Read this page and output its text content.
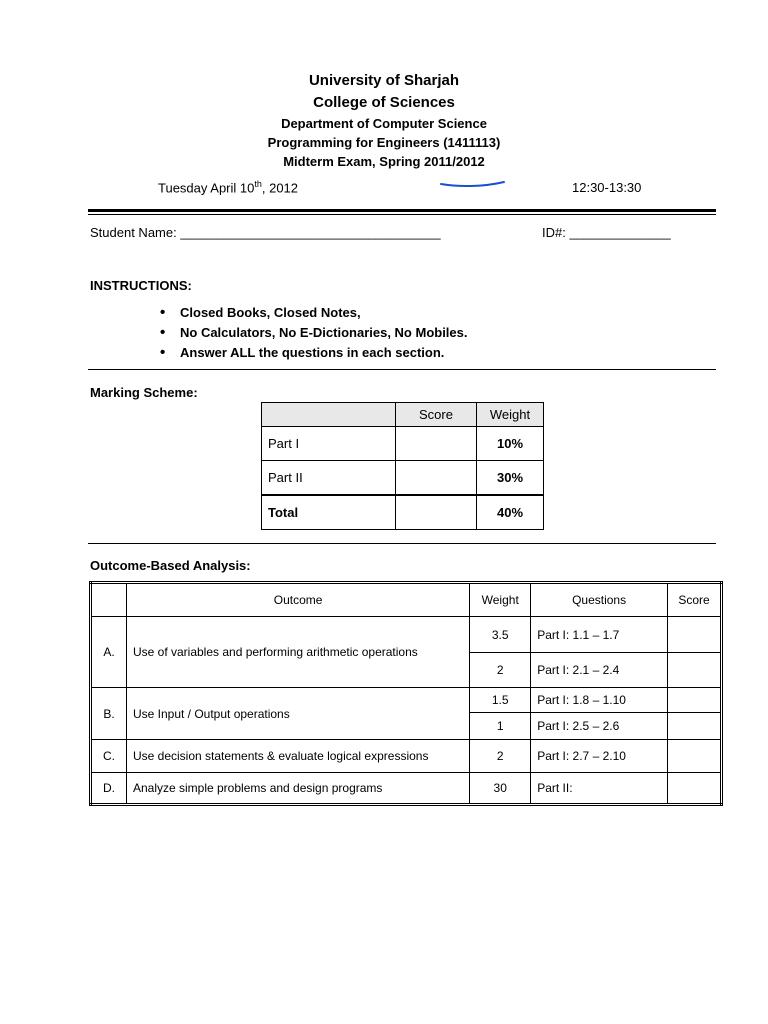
University of Sharjah
College of Sciences
Department of Computer Science
Programming for Engineers (1411113)
Midterm Exam, Spring 2011/2012
Tuesday April 10th, 2012	12:30-13:30
Student Name: ____________________________________	ID#: ______________
INSTRUCTIONS:
• Closed Books, Closed Notes,
• No Calculators, No E-Dictionaries, No Mobiles.
• Answer ALL the questions in each section.
Marking Scheme:
	Score	Weight
Part I		10%
Part II		30%
Total		40%
Outcome-Based Analysis:
	Outcome	Weight	Questions	Score
A.	Use of variables and performing arithmetic operations	3.5	Part I: 1.1 – 1.7	
		2	Part I: 2.1 – 2.4	
B.	Use Input / Output operations	1.5	Part I: 1.8 – 1.10	
		1	Part I: 2.5 – 2.6	
C.	Use decision statements & evaluate logical expressions	2	Part I: 2.7 – 2.10	
D.	Analyze simple problems and design programs	30	Part II:	
